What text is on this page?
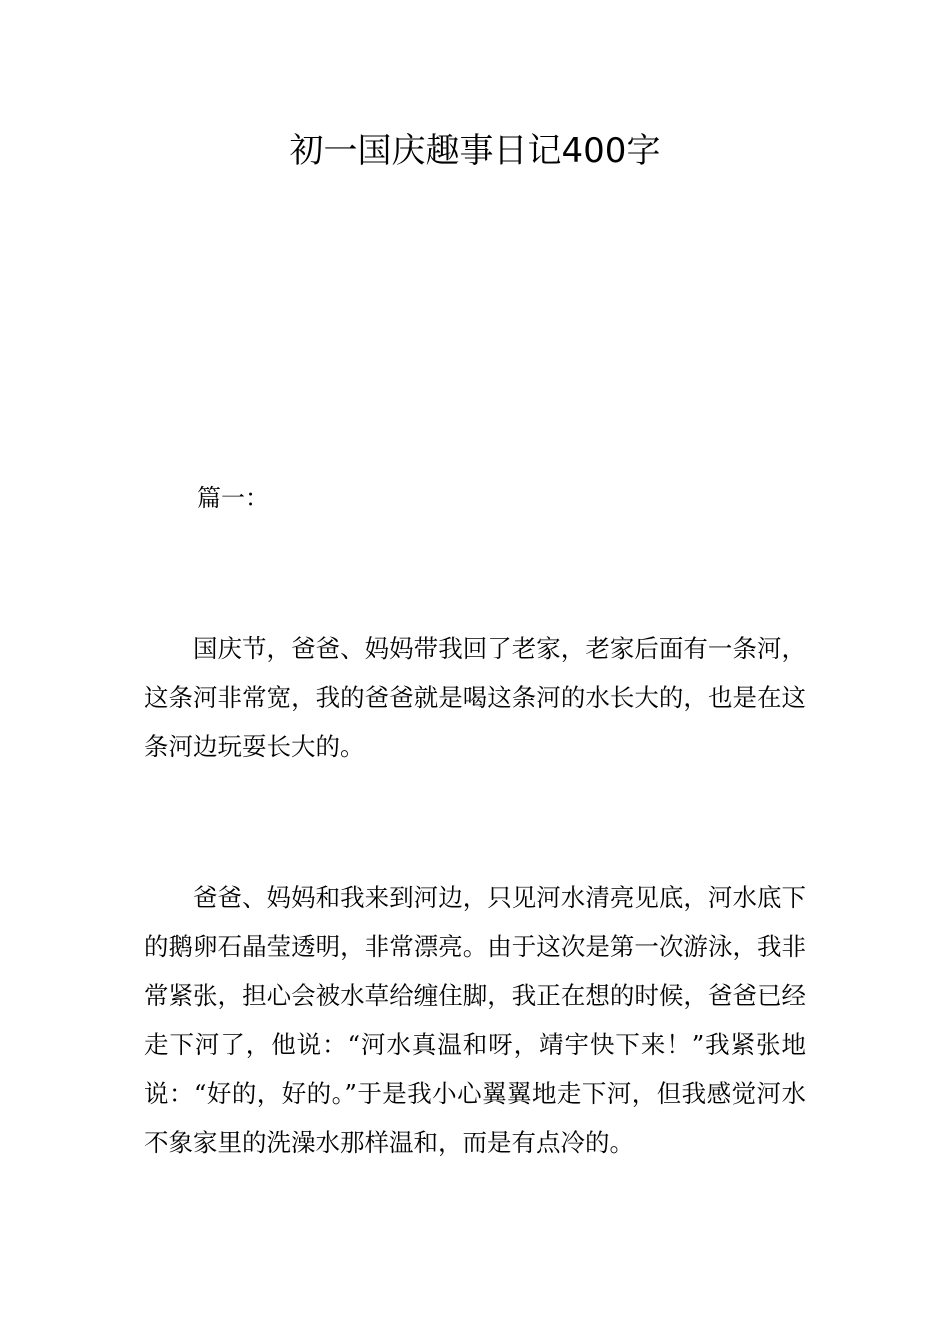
初一国庆趣事日记400字

篇一：

国庆节，爸爸、妈妈带我回了老家，老家后面有一条河，这条河非常宽，我的爸爸就是喝这条河的水长大的，也是在这条河边玩耍长大的。

爸爸、妈妈和我来到河边，只见河水清亮见底，河水底下的鹅卵石晶莹透明，非常漂亮。由于这次是第一次游泳，我非常紧张，担心会被水草给缠住脚，我正在想的时候，爸爸已经走下河了，他说：“河水真温和呀，靖宇快下来！”我紧张地说：“好的，好的。”于是我小心翼翼地走下河，但我感觉河水不象家里的洗澡水那样温和，而是有点冷的。
